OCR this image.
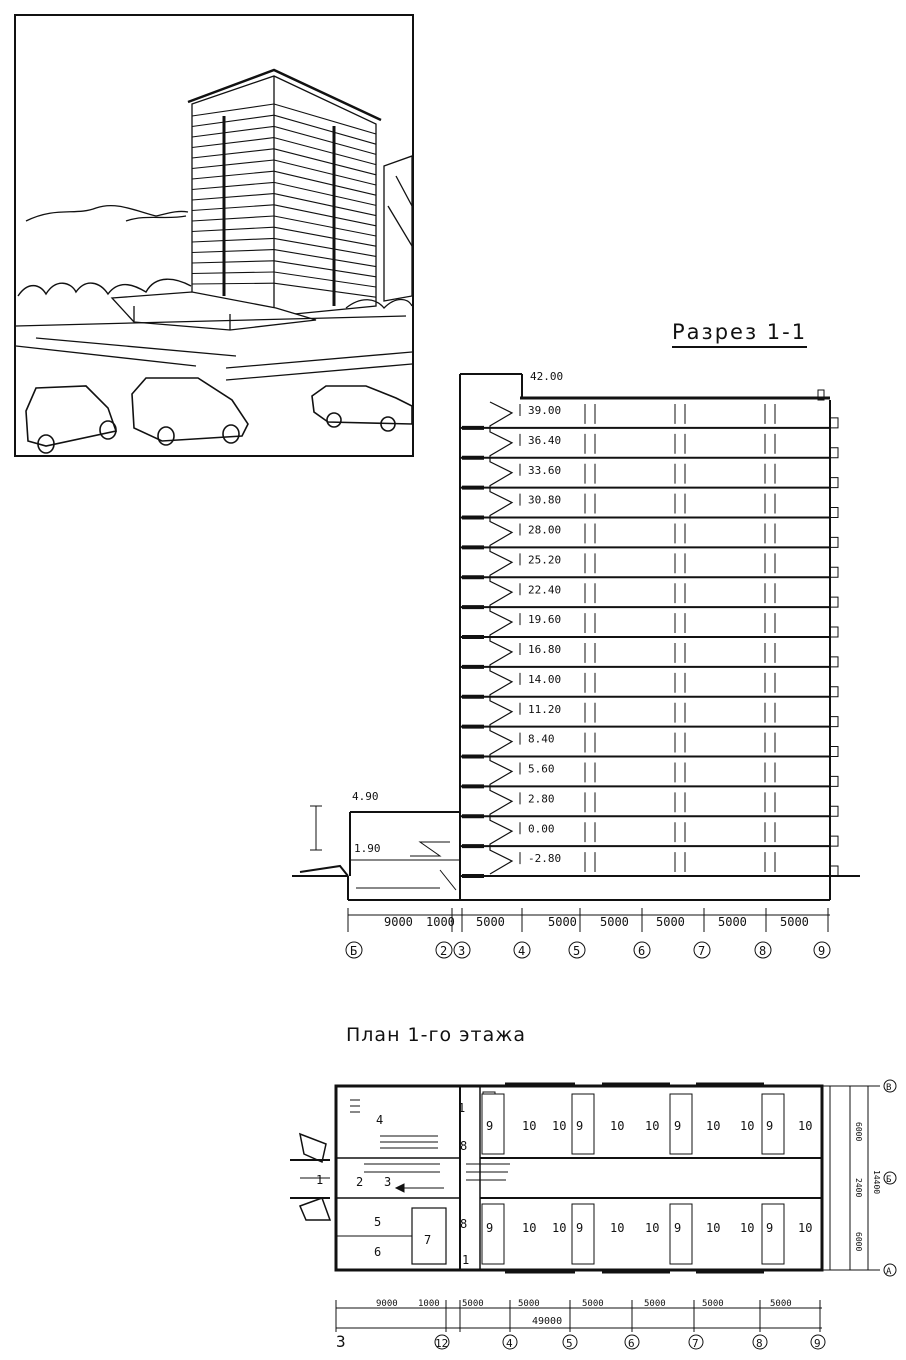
Разрез 1-1
39.00
36.40
33.60
30.80
28.00
25.20
22.40
19.60
16.80
14.00
11.20
8.40
5.60
2.80
0.00
-2.80
9000 1000 5000	5000 5000 5000	5000	5000
Б	2 3	4	5	6	7	8	9
4.90
1.90
42.00
План 1-го этажа
9 10 10 9 10 10 9 10 10 9 10
9 10 10 9 10 10 9 10 10 9 10
4
3
2
1
5
6
7
1
8
8
1
9000 1000 5000	5000	5000	5000	5000	5000
3	12	4	5	6	7	8	9
6000
2400
6000
14400
В
Б
А
49000
